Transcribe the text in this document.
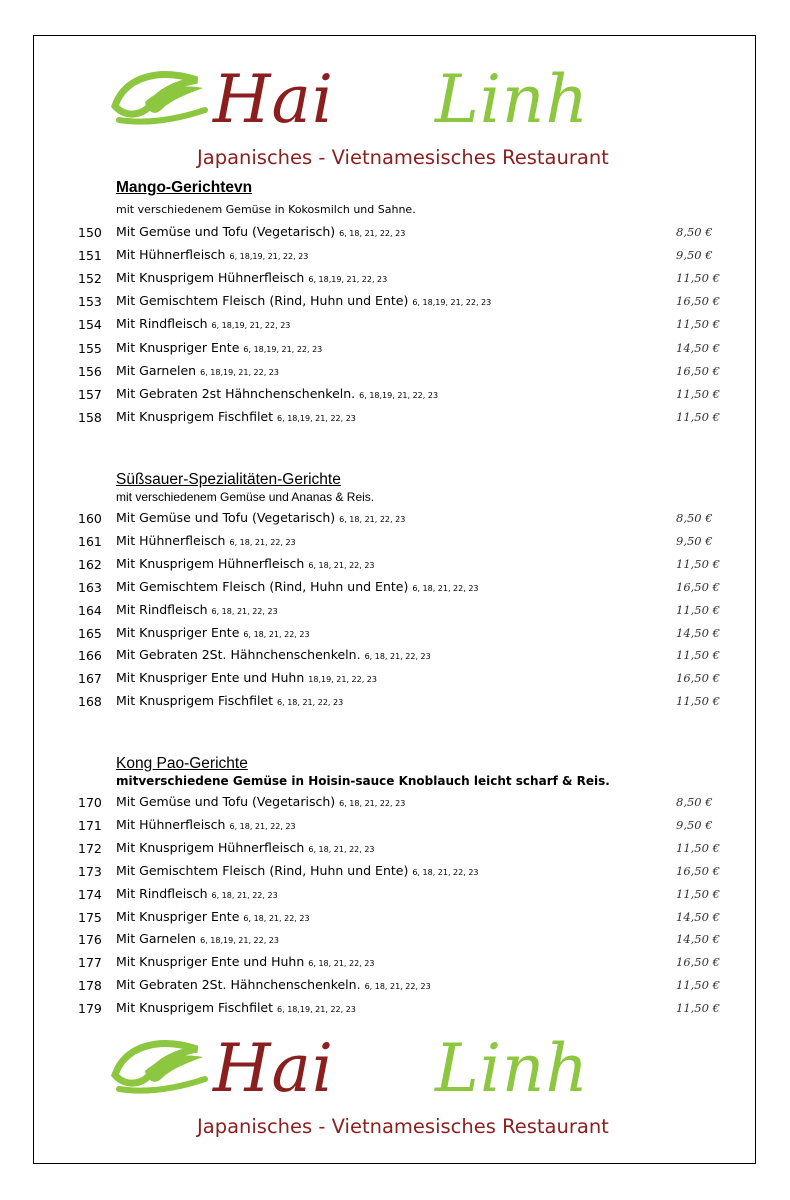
Hai Linh
Japanisches - Vietnamesisches Restaurant
Mango-Gerichtevn
mit verschiedenem Gemüse in Kokosmilch und Sahne.
150 Mit Gemüse und Tofu (Vegetarisch) 6, 18, 21, 22, 23	8,50 €
151 Mit Hühnerfleisch 6, 18,19, 21, 22, 23	9,50 €
152 Mit Knusprigem Hühnerfleisch 6, 18,19, 21, 22, 23	11,50 €
153 Mit Gemischtem Fleisch (Rind, Huhn und Ente) 6, 18,19, 21, 22, 23	16,50 €
154 Mit Rindfleisch 6, 18,19, 21, 22, 23	11,50 €
155 Mit Knuspriger Ente 6, 18,19, 21, 22, 23	14,50 €
156 Mit Garnelen 6, 18,19, 21, 22, 23	16,50 €
157 Mit Gebraten 2st Hähnchenschenkeln. 6, 18,19, 21, 22, 23	11,50 €
158 Mit Knusprigem Fischfilet 6, 18,19, 21, 22, 23	11,50 €
Süßsauer-Spezialitäten-Gerichte
mit verschiedenem Gemüse und Ananas & Reis.
160 Mit Gemüse und Tofu (Vegetarisch) 6, 18, 21, 22, 23	8,50 €
161 Mit Hühnerfleisch 6, 18, 21, 22, 23	9,50 €
162 Mit Knusprigem Hühnerfleisch 6, 18, 21, 22, 23	11,50 €
163 Mit Gemischtem Fleisch (Rind, Huhn und Ente) 6, 18, 21, 22, 23	16,50 €
164 Mit Rindfleisch 6, 18, 21, 22, 23	11,50 €
165 Mit Knuspriger Ente 6, 18, 21, 22, 23	14,50 €
166 Mit Gebraten 2St. Hähnchenschenkeln. 6, 18, 21, 22, 23	11,50 €
167 Mit Knuspriger Ente und Huhn 18,19, 21, 22, 23	16,50 €
168 Mit Knusprigem Fischfilet 6, 18, 21, 22, 23	11,50 €
Kong Pao-Gerichte
mitverschiedene Gemüse in Hoisin-sauce Knoblauch leicht scharf & Reis.
170 Mit Gemüse und Tofu (Vegetarisch) 6, 18, 21, 22, 23	8,50 €
171 Mit Hühnerfleisch 6, 18, 21, 22, 23	9,50 €
172 Mit Knusprigem Hühnerfleisch 6, 18, 21, 22, 23	11,50 €
173 Mit Gemischtem Fleisch (Rind, Huhn und Ente) 6, 18, 21, 22, 23	16,50 €
174 Mit Rindfleisch 6, 18, 21, 22, 23	11,50 €
175 Mit Knuspriger Ente 6, 18, 21, 22, 23	14,50 €
176 Mit Garnelen 6, 18,19, 21, 22, 23	14,50 €
177 Mit Knuspriger Ente und Huhn 6, 18, 21, 22, 23	16,50 €
178 Mit Gebraten 2St. Hähnchenschenkeln. 6, 18, 21, 22, 23	11,50 €
179 Mit Knusprigem Fischfilet 6, 18,19, 21, 22, 23	11,50 €
Hai Linh
Japanisches - Vietnamesisches Restaurant
